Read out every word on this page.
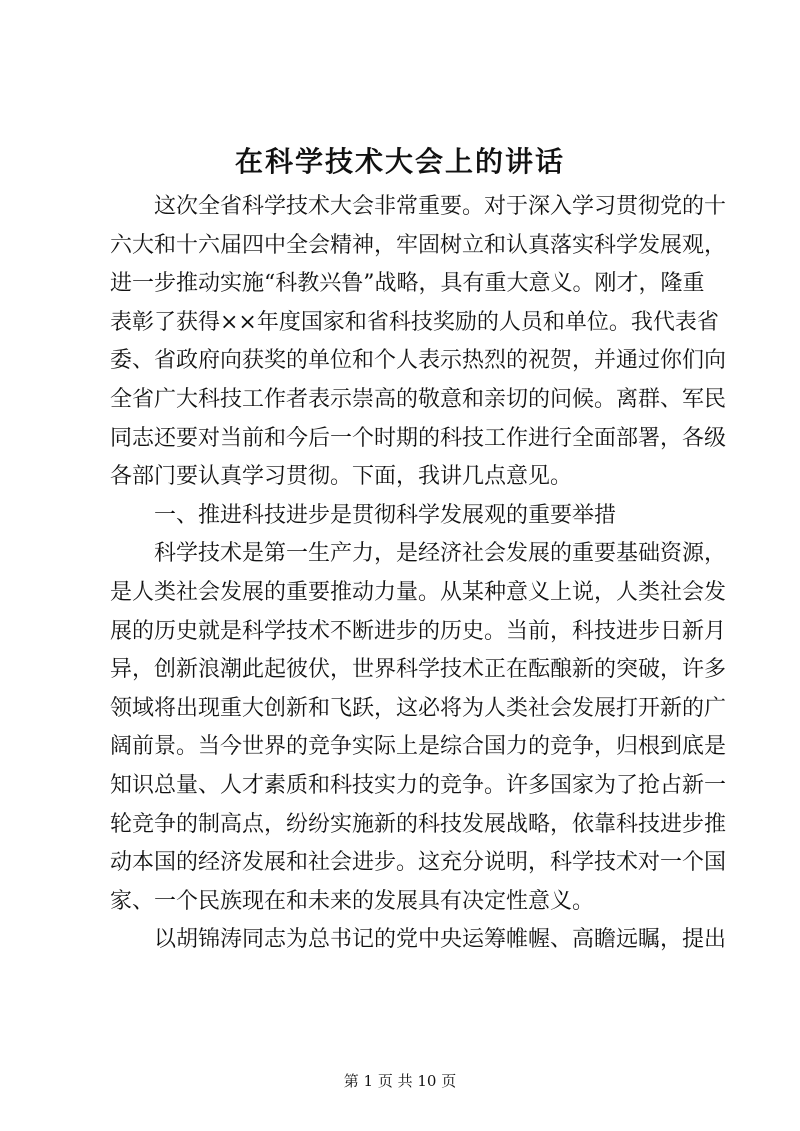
在科学技术大会上的讲话
这次全省科学技术大会非常重要。对于深入学习贯彻党的十
六大和十六届四中全会精神，牢固树立和认真落实科学发展观，
进一步推动实施“科教兴鲁”战略，具有重大意义。刚才，隆重
表彰了获得××年度国家和省科技奖励的人员和单位。我代表省
委、省政府向获奖的单位和个人表示热烈的祝贺，并通过你们向
全省广大科技工作者表示崇高的敬意和亲切的问候。离群、军民
同志还要对当前和今后一个时期的科技工作进行全面部署，各级
各部门要认真学习贯彻。下面，我讲几点意见。
一、推进科技进步是贯彻科学发展观的重要举措
科学技术是第一生产力，是经济社会发展的重要基础资源，
是人类社会发展的重要推动力量。从某种意义上说，人类社会发
展的历史就是科学技术不断进步的历史。当前，科技进步日新月
异，创新浪潮此起彼伏，世界科学技术正在酝酿新的突破，许多
领域将出现重大创新和飞跃，这必将为人类社会发展打开新的广
阔前景。当今世界的竞争实际上是综合国力的竞争，归根到底是
知识总量、人才素质和科技实力的竞争。许多国家为了抢占新一
轮竞争的制高点，纷纷实施新的科技发展战略，依靠科技进步推
动本国的经济发展和社会进步。这充分说明，科学技术对一个国
家、一个民族现在和未来的发展具有决定性意义。
以胡锦涛同志为总书记的党中央运筹帷幄、高瞻远瞩，提出
第 1 页 共 10 页
